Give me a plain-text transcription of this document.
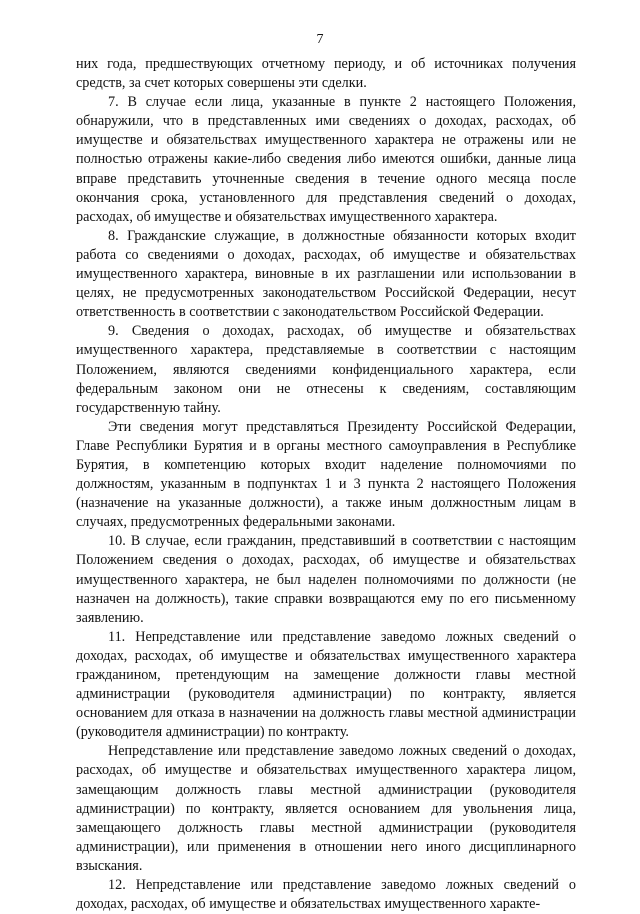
7

них года, предшествующих отчетному периоду, и об источниках получения средств, за счет которых совершены эти сделки.

7. В случае если лица, указанные в пункте 2 настоящего Положения, обнаружили, что в представленных ими сведениях о доходах, расходах, об имуществе и обязательствах имущественного характера не отражены или не полностью отражены какие-либо сведения либо имеются ошибки, данные лица вправе представить уточненные сведения в течение одного месяца после окончания срока, установленного для представления сведений о доходах, расходах, об имуществе и обязательствах имущественного характера.

8. Гражданские служащие, в должностные обязанности которых входит работа со сведениями о доходах, расходах, об имуществе и обязательствах имущественного характера, виновные в их разглашении или использовании в целях, не предусмотренных законодательством Российской Федерации, несут ответственность в соответствии с законодательством Российской Федерации.

9. Сведения о доходах, расходах, об имуществе и обязательствах имущественного характера, представляемые в соответствии с настоящим Положением, являются сведениями конфиденциального характера, если федеральным законом они не отнесены к сведениям, составляющим государственную тайну.

Эти сведения могут представляться Президенту Российской Федерации, Главе Республики Бурятия и в органы местного самоуправления в Республике Бурятия, в компетенцию которых входит наделение полномочиями по должностям, указанным в подпунктах 1 и 3 пункта 2 настоящего Положения (назначение на указанные должности), а также иным должностным лицам в случаях, предусмотренных федеральными законами.

10. В случае, если гражданин, представивший в соответствии с настоящим Положением сведения о доходах, расходах, об имуществе и обязательствах имущественного характера, не был наделен полномочиями по должности (не назначен на должность), такие справки возвращаются ему по его письменному заявлению.

11. Непредставление или представление заведомо ложных сведений о доходах, расходах, об имуществе и обязательствах имущественного характера гражданином, претендующим на замещение должности главы местной администрации (руководителя администрации) по контракту, является основанием для отказа в назначении на должность главы местной администрации (руководителя администрации) по контракту.

Непредставление или представление заведомо ложных сведений о доходах, расходах, об имуществе и обязательствах имущественного характера лицом, замещающим должность главы местной администрации (руководителя администрации) по контракту, является основанием для увольнения лица, замещающего должность главы местной администрации (руководителя администрации), или применения в отношении него иного дисциплинарного взыскания.

12. Непредставление или представление заведомо ложных сведений о доходах, расходах, об имуществе и обязательствах имущественного характе-
